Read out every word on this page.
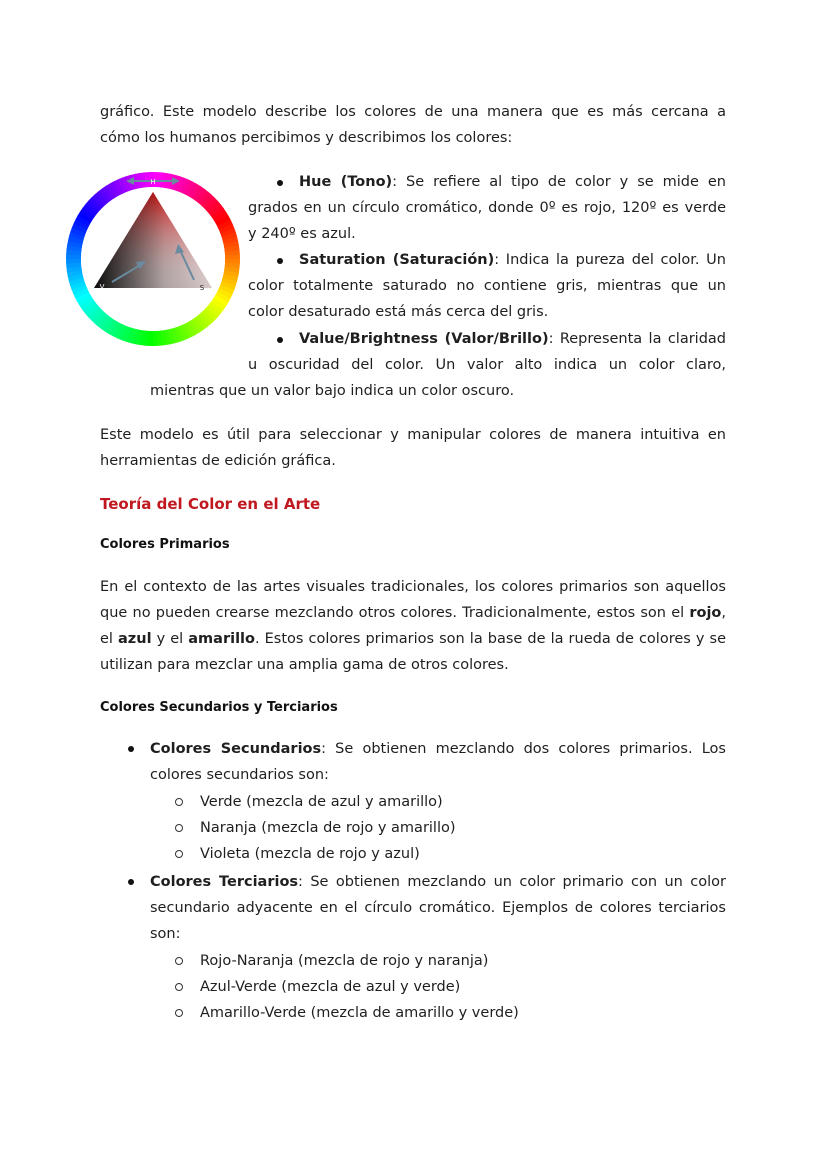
gráfico. Este modelo describe los colores de una manera que es más cercana a

cómo los humanos percibimos y describimos los colores:

H
V	S

Hue (Tono): Se refiere al tipo de color y se mide en

grados en un círculo cromático, donde 0º es rojo, 120º es verde

y 240º es azul.

Saturation (Saturación): Indica la pureza del color. Un

color totalmente saturado no contiene gris, mientras que un

color desaturado está más cerca del gris.

Value/Brightness (Valor/Brillo): Representa la claridad

u oscuridad del color. Un valor alto indica un color claro,

mientras que un valor bajo indica un color oscuro.

Este modelo es útil para seleccionar y manipular colores de manera intuitiva en herramientas de edición gráfica.

Teoría del Color en el Arte
Colores Primarios

En el contexto de las artes visuales tradicionales, los colores primarios son aquellos que no pueden crearse mezclando otros colores. Tradicionalmente, estos son el rojo, el azul y el amarillo. Estos colores primarios son la base de la rueda de colores y se utilizan para mezclar una amplia gama de otros colores.

Colores Secundarios y Terciarios

Colores Secundarios: Se obtienen mezclando dos colores primarios. Los colores secundarios son:

Verde (mezcla de azul y amarillo)

Naranja (mezcla de rojo y amarillo)

Violeta (mezcla de rojo y azul)

Colores Terciarios: Se obtienen mezclando un color primario con un color secundario adyacente en el círculo cromático. Ejemplos de colores terciarios son:

Rojo-Naranja (mezcla de rojo y naranja)

Azul-Verde (mezcla de azul y verde)

Amarillo-Verde (mezcla de amarillo y verde)
